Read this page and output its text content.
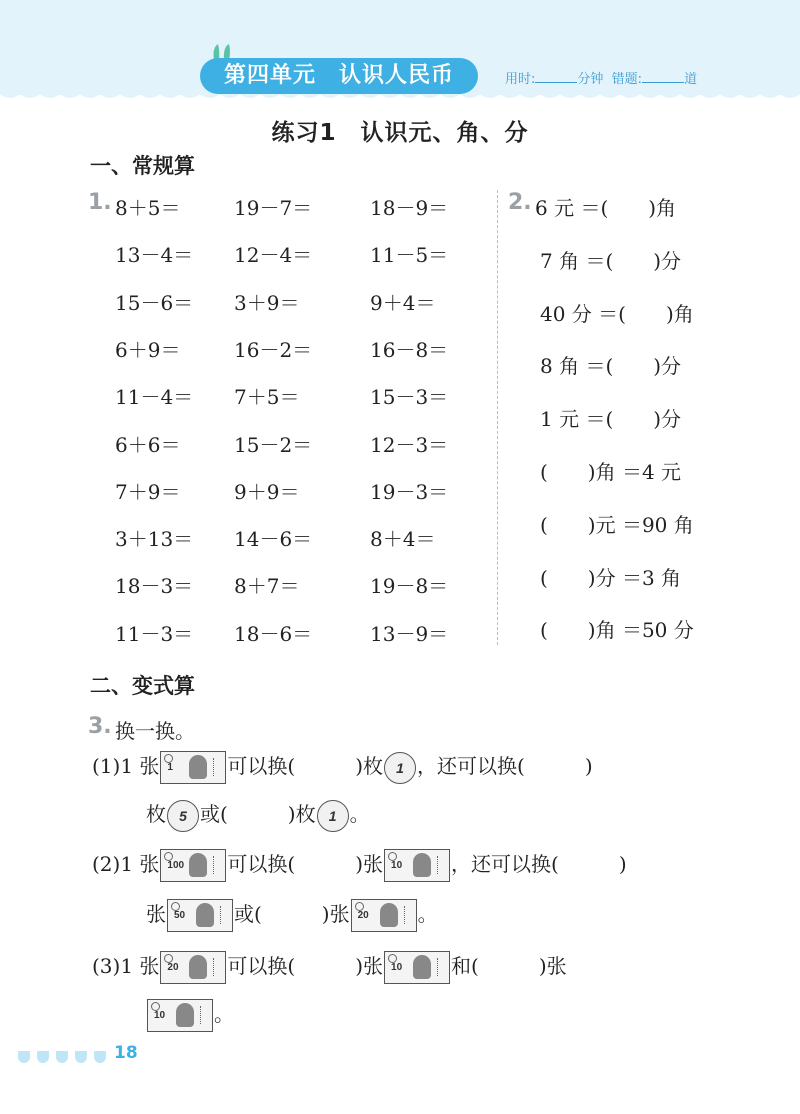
第四单元　认识人民币	用时:	分钟 错题:	道
练习1　认识元、角、分
一、常规算
1. 8＋5＝	19－7＝	18－9＝
13－4＝ 12－4＝	11－5＝
15－6＝ 3＋9＝	9＋4＝
6＋9＝	16－2＝	16－8＝
11－4＝ 7＋5＝	15－3＝
6＋6＝	15－2＝	12－3＝
7＋9＝	9＋9＝	19－3＝
3＋13＝ 14－6＝	8＋4＝
18－3＝ 8＋7＝	19－8＝
11－3＝ 18－6＝	13－9＝
2. 6 元 ＝(　　)角
7 角 ＝(　　)分
40 分 ＝(　　)角
8 角 ＝(　　)分
1 元 ＝(　　)分
(　　)角 ＝4 元
(　　)元 ＝90 角
(　　)分 ＝3 角
(　　)角 ＝50 分
二、变式算
3. 换一换。
(1)1 张 1	可以换(　　　)枚 1 ，还可以换(　　　)
枚 5 或(　　　)枚 1 。
(2)1 张 100 可以换(　　　)张 10 ，还可以换(　　　)
张 50 或(　　　)张 20 。
(3)1 张 20 可以换(　　　)张 10 和(　　　)张
10 。
18
